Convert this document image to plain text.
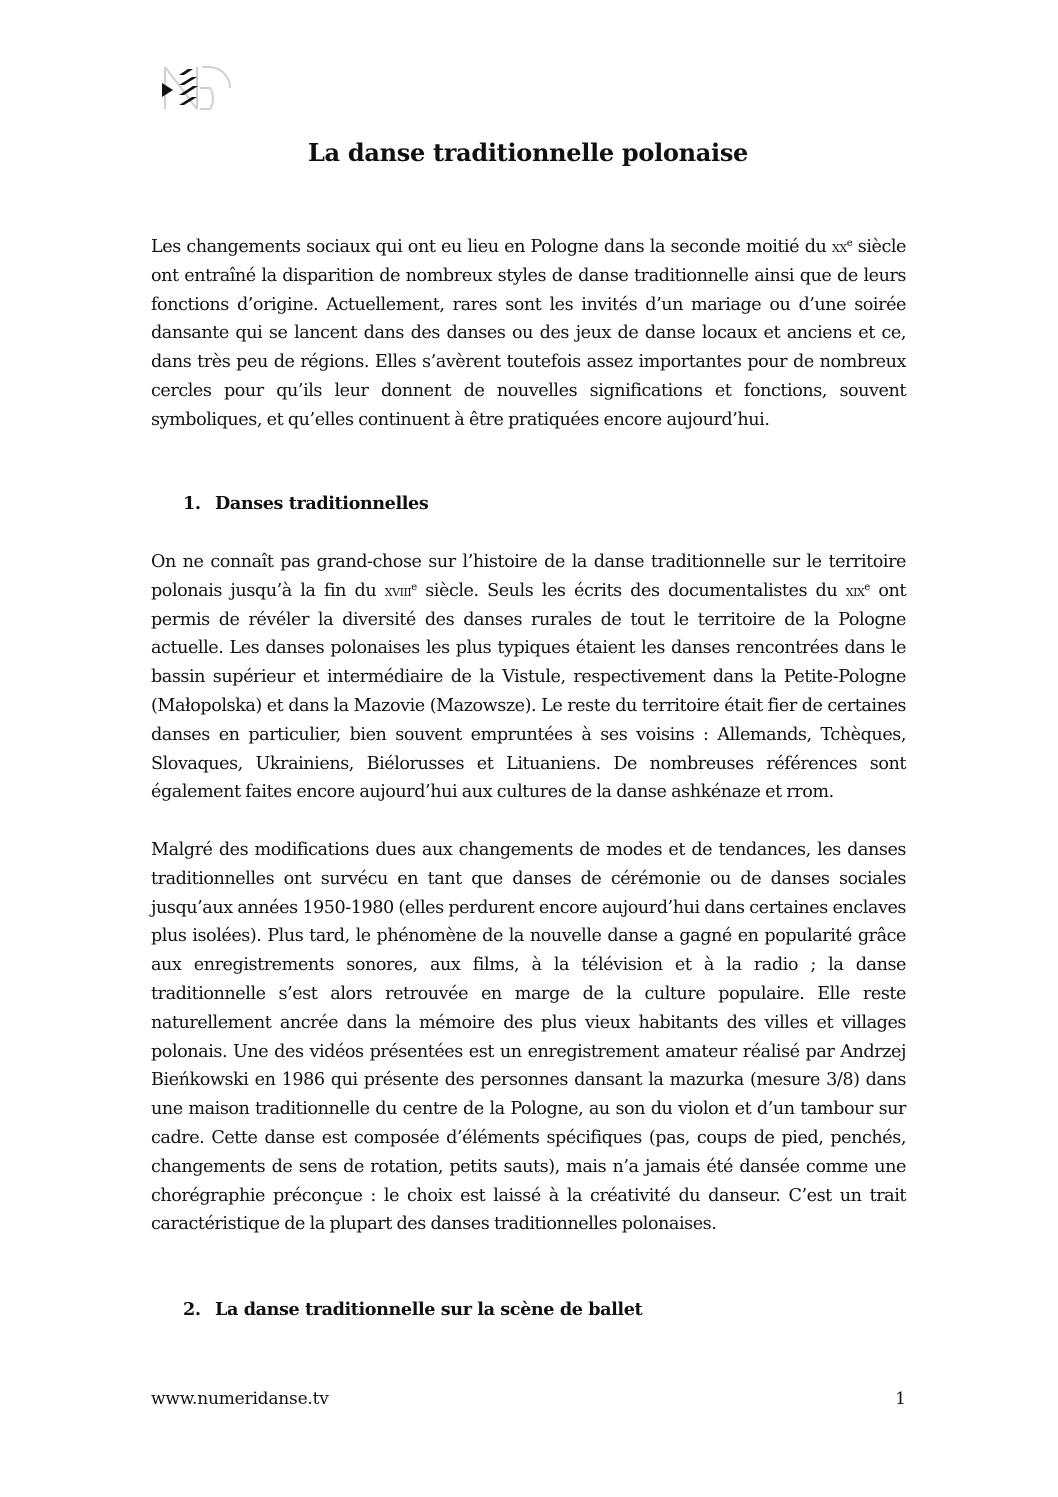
La danse traditionnelle polonaise

Les changements sociaux qui ont eu lieu en Pologne dans la seconde moitié du $xx^e$ siècle ont entraîné la disparition de nombreux styles de danse traditionnelle ainsi que de leurs fonctions d’origine. Actuellement, rares sont les invités d’un mariage ou d’une soirée dansante qui se lancent dans des danses ou des jeux de danse locaux et anciens et ce, dans très peu de régions. Elles s’avèrent toutefois assez importantes pour de nombreux cercles pour qu’ils leur donnent de nouvelles significations et fonctions, souvent symboliques, et qu’elles continuent à être pratiquées encore aujourd’hui.

1. Danses traditionnelles

On ne connaît pas grand-chose sur l’histoire de la danse traditionnelle sur le territoire polonais jusqu’à la fin du xviii$^e$ siècle. Seuls les écrits des documentalistes du xix$^e$ ont permis de révéler la diversité des danses rurales de tout le territoire de la Pologne actuelle. Les danses polonaises les plus typiques étaient les danses rencontrées dans le bassin supérieur et intermédiaire de la Vistule, respectivement dans la Petite-Pologne (Małopolska) et dans la Mazovie (Mazowsze). Le reste du territoire était fier de certaines danses en particulier, bien souvent empruntées à ses voisins : Allemands, Tchèques, Slovaques, Ukrainiens, Biélorusses et Lituaniens. De nombreuses références sont également faites encore aujourd’hui aux cultures de la danse ashkénaze et rrom.

Malgré des modifications dues aux changements de modes et de tendances, les danses traditionnelles ont survécu en tant que danses de cérémonie ou de danses sociales jusqu’aux années 1950-1980 (elles perdurent encore aujourd’hui dans certaines enclaves plus isolées). Plus tard, le phénomène de la nouvelle danse a gagné en popularité grâce aux enregistrements sonores, aux films, à la télévision et à la radio ; la danse traditionnelle s’est alors retrouvée en marge de la culture populaire. Elle reste naturellement ancrée dans la mémoire des plus vieux habitants des villes et villages polonais. Une des vidéos présentées est un enregistrement amateur réalisé par Andrzej Bieńkowski en 1986 qui présente des personnes dansant la mazurka (mesure 3/8) dans une maison traditionnelle du centre de la Pologne, au son du violon et d’un tambour sur cadre. Cette danse est composée d’éléments spécifiques (pas, coups de pied, penchés, changements de sens de rotation, petits sauts), mais n’a jamais été dansée comme une chorégraphie préconçue : le choix est laissé à la créativité du danseur. C’est un trait caractéristique de la plupart des danses traditionnelles polonaises.

2. La danse traditionnelle sur la scène de ballet
www.numeridanse.tv	1
